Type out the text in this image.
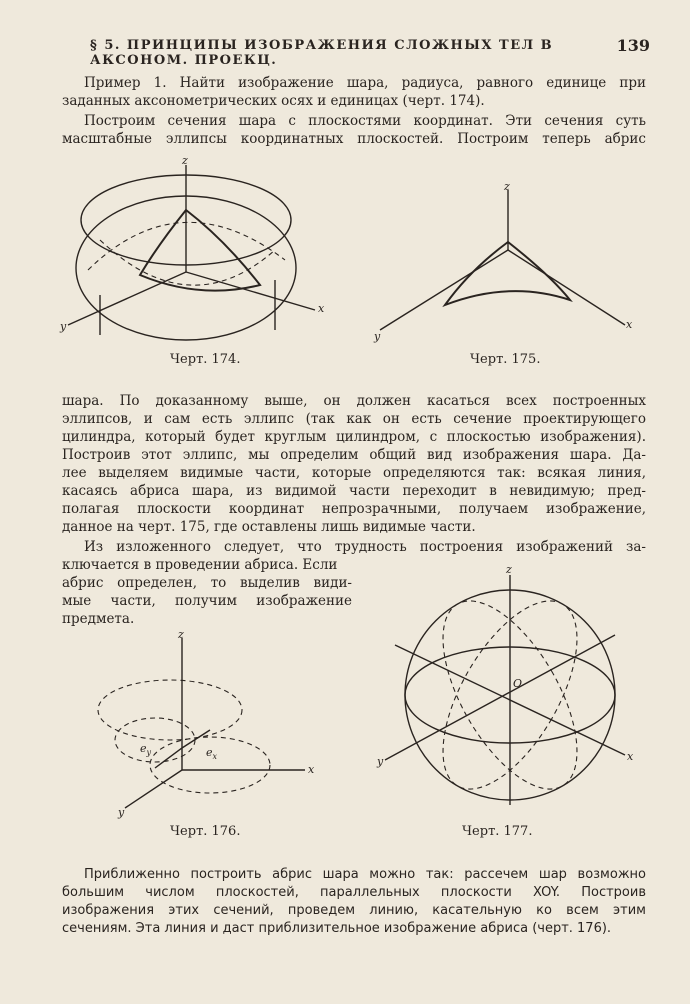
§ 5. ПРИНЦИПЫ ИЗОБРАЖЕНИЯ СЛОЖНЫХ ТЕЛ В АКСОНОМ. ПРОЕКЦ.
139
Пример 1. Найти изображение шара, радиуса, равного единице при
заданных аксонометрических осях и единицах (черт. 174).
Построим сечения шара с плоскостями координат. Эти сечения суть
масштабные эллипсы координатных плоскостей. Построим теперь абрис
z
x
y
Черт. 174.
z
x
y
Черт. 175.
шара. По доказанному выше, он должен касаться всех построенных
эллипсов, и сам есть эллипс (так как он есть сечение проектирующего
цилиндра, который будет круглым цилиндром, с плоскостью изображения).
Построив этот эллипс, мы определим общий вид изображения шара. Да-
лее выделяем видимые части, которые определяются так: всякая линия,
касаясь абриса шара, из видимой части переходит в невидимую; пред-
полагая плоскости координат непрозрачными, получаем изображение,
данное на черт. 175, где оставлены лишь видимые части.
Из изложенного следует, что трудность построения изображений за-
ключается в проведении абриса. Если
абрис определен, то выделив види-
мые части, получим изображение
предмета.
z
x
y
$e_y$	$e_x$
Черт. 176.
z
x
y
O
Черт. 177.
Приближенно построить абрис шара можно так: рассечем шар возможно
большим числом плоскостей, параллельных плоскости XOY. Построив
изображения этих сечений, проведем линию, касательную ко всем этим
сечениям. Эта линия и даст приблизительное изображение абриса (черт. 176).
